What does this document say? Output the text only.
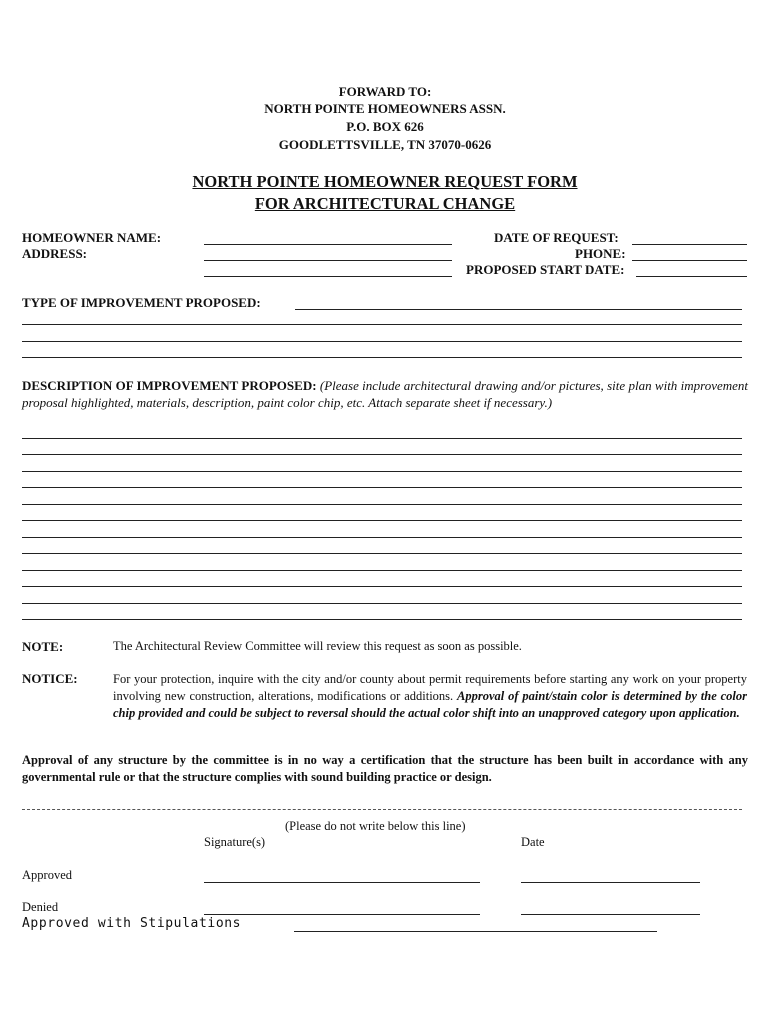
FORWARD TO:
NORTH POINTE HOMEOWNERS ASSN.
P.O. BOX 626
GOODLETTSVILLE, TN 37070-0626
NORTH POINTE HOMEOWNER REQUEST FORM
FOR ARCHITECTURAL CHANGE
HOMEOWNER NAME:
ADDRESS:
DATE OF REQUEST:
PHONE:
PROPOSED START DATE:
TYPE OF IMPROVEMENT PROPOSED:
DESCRIPTION OF IMPROVEMENT PROPOSED: (Please include architectural drawing and/or pictures, site plan with improvement proposal highlighted, materials, description, paint color chip, etc. Attach separate sheet if necessary.)
NOTE:	The Architectural Review Committee will review this request as soon as possible.
NOTICE:	For your protection, inquire with the city and/or county about permit requirements before starting any work on your property involving new construction, alterations, modifications or additions. Approval of paint/stain color is determined by the color chip provided and could be subject to reversal should the actual color shift into an unapproved category upon application.
Approval of any structure by the committee is in no way a certification that the structure has been built in accordance with any governmental rule or that the structure complies with sound building practice or design.
(Please do not write below this line)
Signature(s)	Date
Approved
Denied
Approved with Stipulations
